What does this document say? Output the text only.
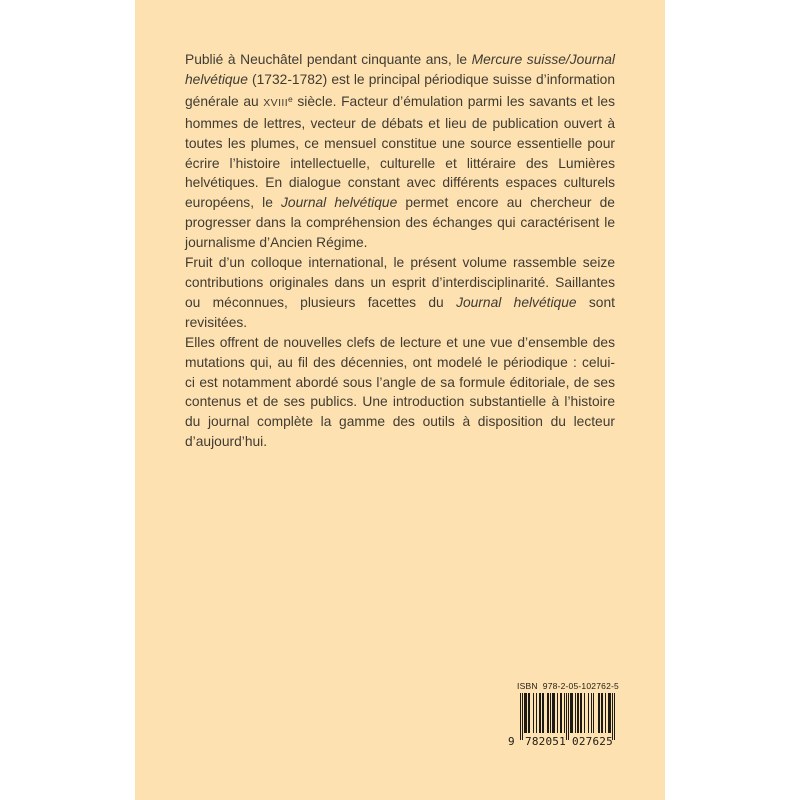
Publié à Neuchâtel pendant cinquante ans, le Mercure suisse/Journal
helvétique (1732-1782) est le principal périodique suisse d’information
générale au XVIIIe siècle. Facteur d’émulation parmi les savants et les
hommes de lettres, vecteur de débats et lieu de publication ouvert à
toutes les plumes, ce mensuel constitue une source essentielle pour
écrire l’histoire intellectuelle, culturelle et littéraire des Lumières
helvétiques. En dialogue constant avec différents espaces culturels
européens, le Journal helvétique permet encore au chercheur de
progresser dans la compréhension des échanges qui caractérisent le
journalisme d’Ancien Régime.
Fruit d’un colloque international, le présent volume rassemble seize
contributions originales dans un esprit d’interdisciplinarité. Saillantes
ou méconnues, plusieurs facettes du Journal helvétique sont revisitées.
Elles offrent de nouvelles clefs de lecture et une vue d’ensemble des
mutations qui, au fil des décennies, ont modelé le périodique : celui-
ci est notamment abordé sous l’angle de sa formule éditoriale, de ses
contenus et de ses publics. Une introduction substantielle à l’histoire
du journal complète la gamme des outils à disposition du lecteur
d’aujourd’hui.
ISBN  978-2-05-102762-5
9 782051 027625
